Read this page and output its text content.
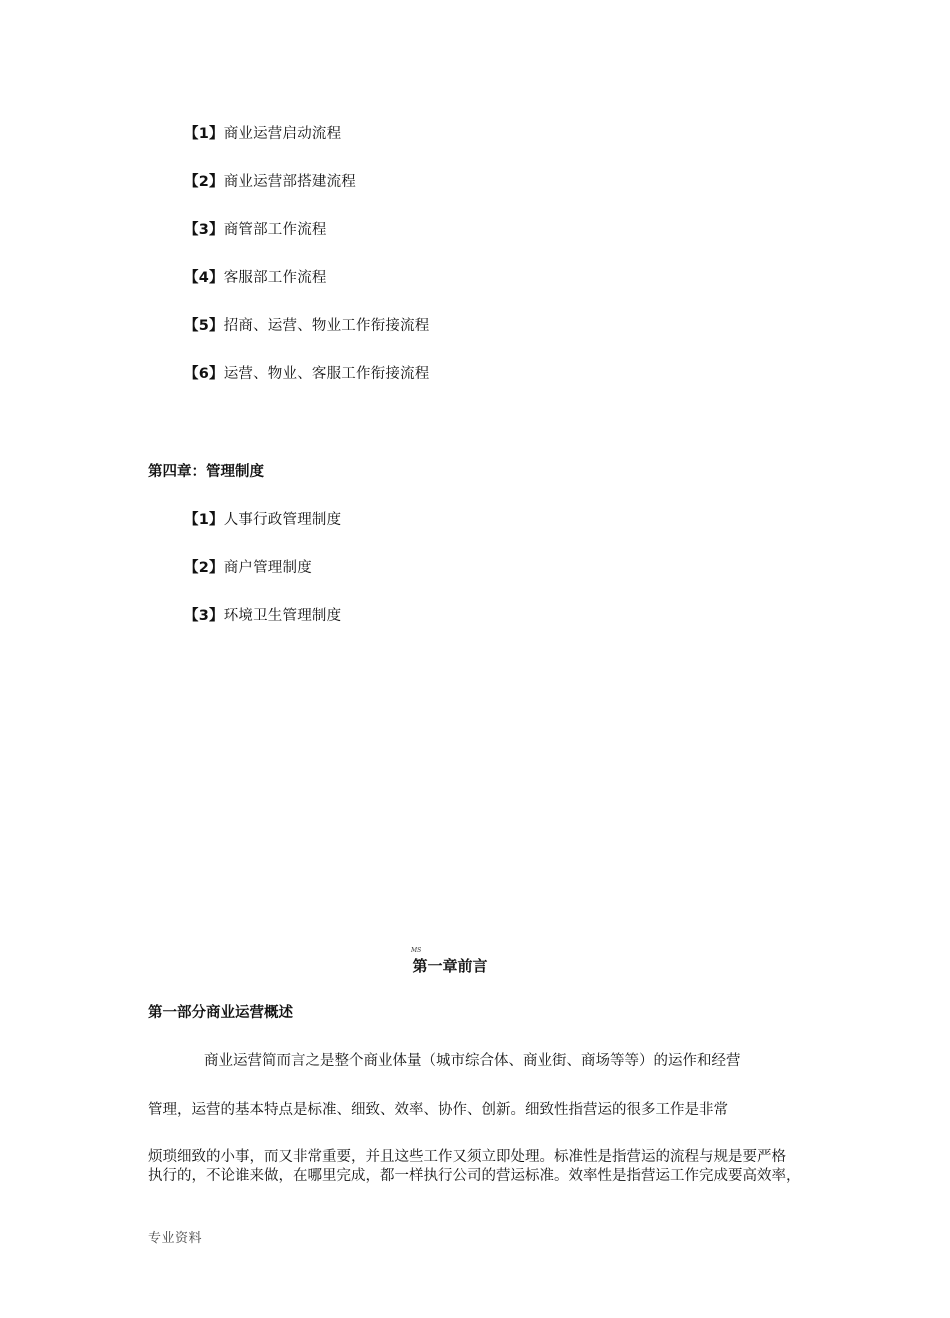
【1】商业运营启动流程
【2】商业运营部搭建流程
【3】商管部工作流程
【4】客服部工作流程
【5】招商、运营、物业工作衔接流程
【6】运营、物业、客服工作衔接流程
第四章：管理制度
【1】人事行政管理制度
【2】商户管理制度
【3】环境卫生管理制度
MS
第一章前言
第一部分商业运营概述
商业运营简而言之是整个商业体量（城市综合体、商业街、商场等等）的运作和经营
管理，运营的基本特点是标准、细致、效率、协作、创新。细致性指营运的很多工作是非常
烦琐细致的小事，而又非常重要，并且这些工作又须立即处理。标准性是指营运的流程与规是要严格
执行的，不论谁来做，在哪里完成，都一样执行公司的营运标准。效率性是指营运工作完成要高效率，
专业资料
